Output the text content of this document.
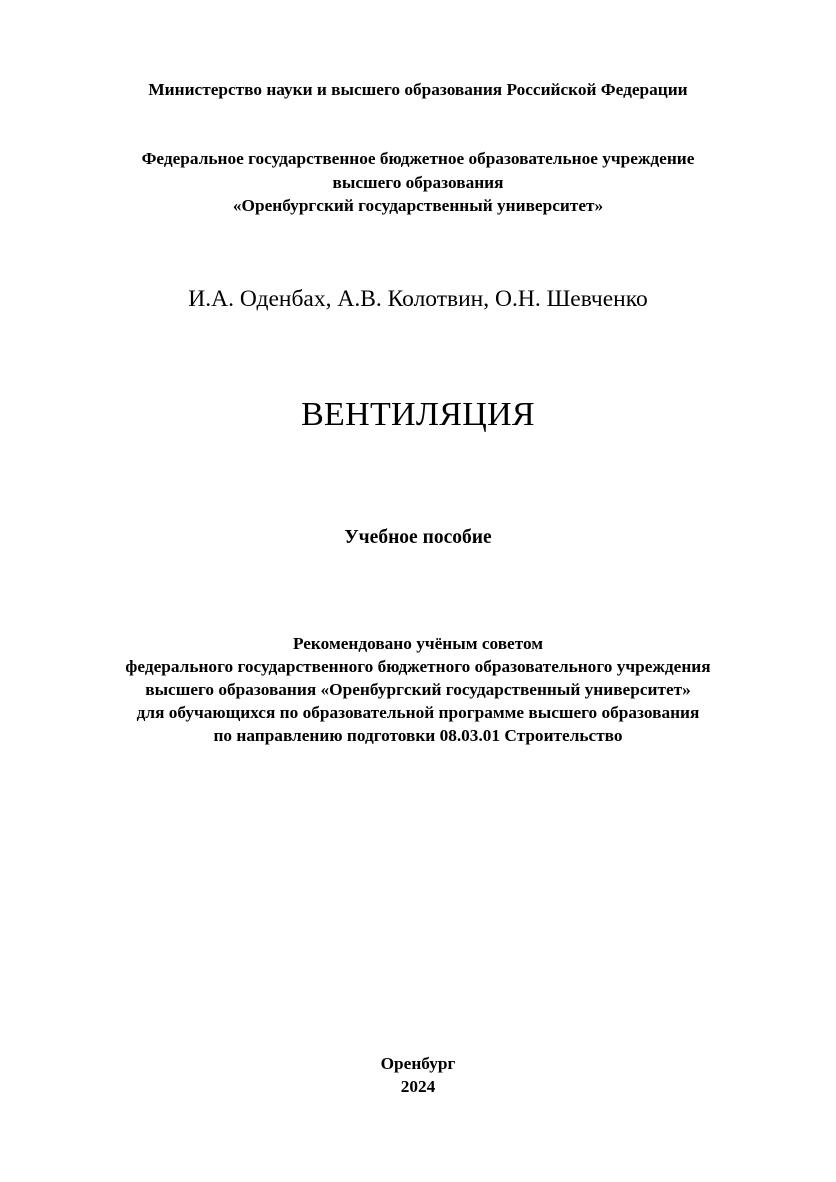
Министерство науки и высшего образования Российской Федерации
Федеральное государственное бюджетное образовательное учреждение
высшего образования
«Оренбургский государственный университет»
И.А. Оденбах, А.В. Колотвин, О.Н. Шевченко
ВЕНТИЛЯЦИЯ
Учебное пособие
Рекомендовано учёным советом
федерального государственного бюджетного образовательного учреждения
высшего образования «Оренбургский государственный университет»
для обучающихся по образовательной программе высшего образования
по направлению подготовки 08.03.01 Строительство
Оренбург
2024
